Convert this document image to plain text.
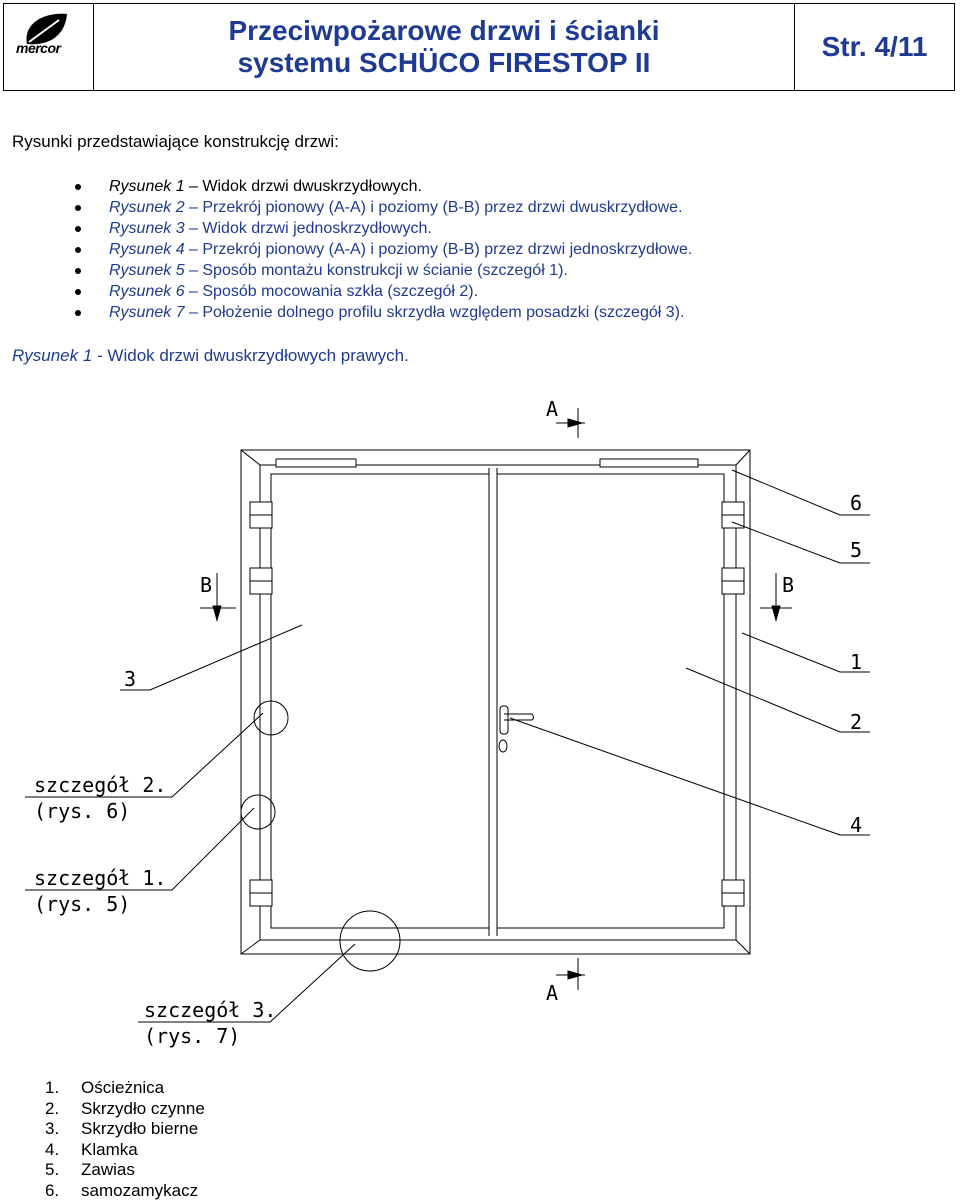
mercor
Przeciwpożarowe drzwi i ścianki
systemu SCHÜCO FIRESTOP II
Str. 4/11
Rysunki przedstawiające konstrukcję drzwi:
Rysunek 1 – Widok drzwi dwuskrzydłowych.
Rysunek 2 – Przekrój pionowy (A-A) i poziomy (B-B) przez drzwi dwuskrzydłowe.
Rysunek 3 – Widok drzwi jednoskrzydłowych.
Rysunek 4 – Przekrój pionowy (A-A) i poziomy (B-B) przez drzwi jednoskrzydłowe.
Rysunek 5 – Sposób montażu konstrukcji w ścianie (szczegół 1).
Rysunek 6 – Sposób mocowania szkła (szczegół 2).
Rysunek 7 – Położenie dolnego profilu skrzydła względem posadzki (szczegół 3).
Rysunek 1 - Widok drzwi dwuskrzydłowych prawych.
A
A
B	B
6
5
1
2
4
3
szczegół 2.
(rys. 6)
szczegół 1.
(rys. 5)
szczegół 3.
(rys. 7)
1. Ościeżnica
2. Skrzydło czynne
3. Skrzydło bierne
4. Klamka
5. Zawias
6. samozamykacz
